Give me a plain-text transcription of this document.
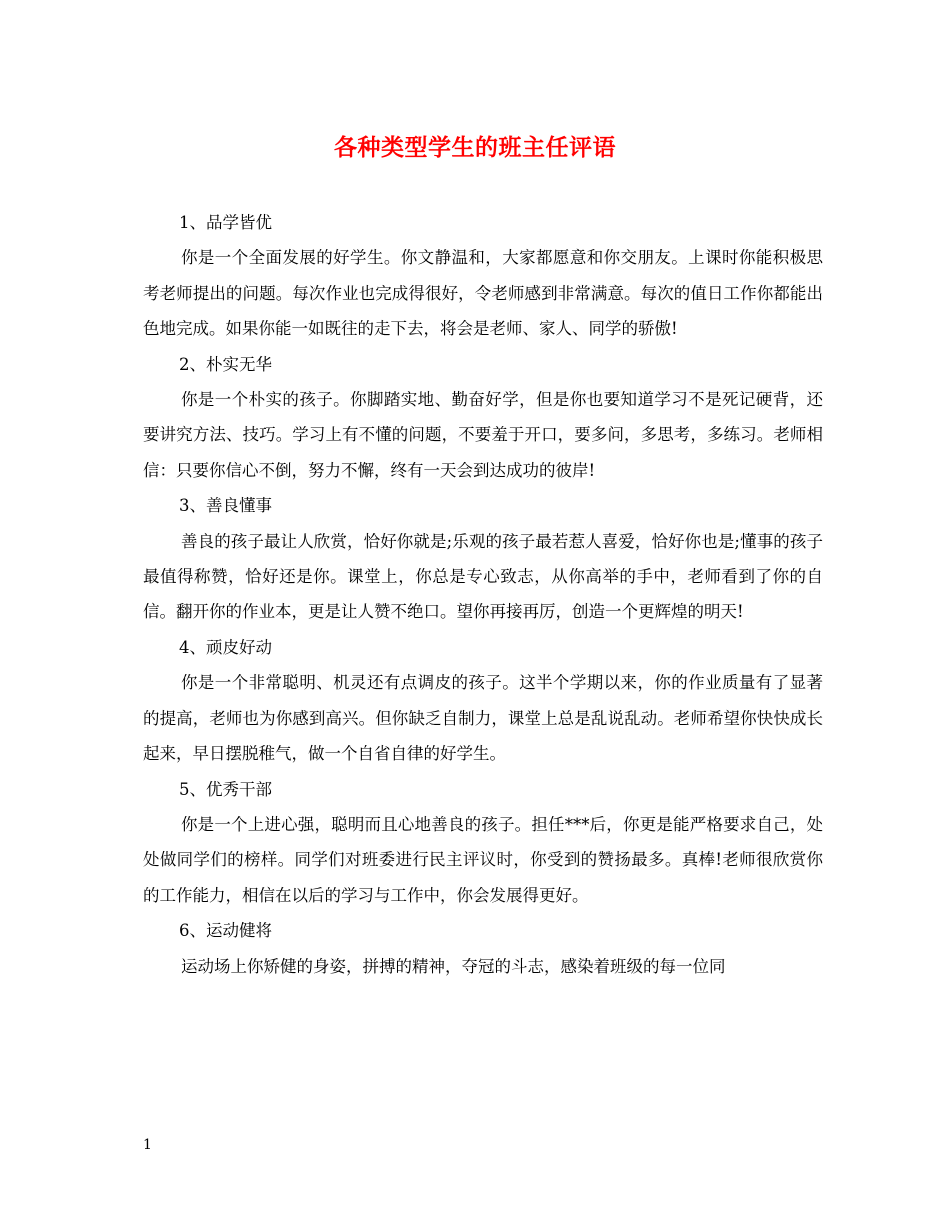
各种类型学生的班主任评语

1、品学皆优

你是一个全面发展的好学生。你文静温和，大家都愿意和你交朋友。上课时你能积极思考老师提出的问题。每次作业也完成得很好，令老师感到非常满意。每次的值日工作你都能出色地完成。如果你能一如既往的走下去，将会是老师、家人、同学的骄傲!

2、朴实无华

你是一个朴实的孩子。你脚踏实地、勤奋好学，但是你也要知道学习不是死记硬背，还要讲究方法、技巧。学习上有不懂的问题，不要羞于开口，要多问，多思考，多练习。老师相信：只要你信心不倒，努力不懈，终有一天会到达成功的彼岸!

3、善良懂事

善良的孩子最让人欣赏，恰好你就是;乐观的孩子最若惹人喜爱，恰好你也是;懂事的孩子最值得称赞，恰好还是你。课堂上，你总是专心致志，从你高举的手中，老师看到了你的自信。翻开你的作业本，更是让人赞不绝口。望你再接再厉，创造一个更辉煌的明天!

4、顽皮好动

你是一个非常聪明、机灵还有点调皮的孩子。这半个学期以来，你的作业质量有了显著的提高，老师也为你感到高兴。但你缺乏自制力，课堂上总是乱说乱动。老师希望你快快成长起来，早日摆脱稚气，做一个自省自律的好学生。

5、优秀干部

你是一个上进心强，聪明而且心地善良的孩子。担任***后，你更是能严格要求自己，处处做同学们的榜样。同学们对班委进行民主评议时，你受到的赞扬最多。真棒!老师很欣赏你的工作能力，相信在以后的学习与工作中，你会发展得更好。

6、运动健将

运动场上你矫健的身姿，拼搏的精神，夺冠的斗志，感染着班级的每一位同

1
